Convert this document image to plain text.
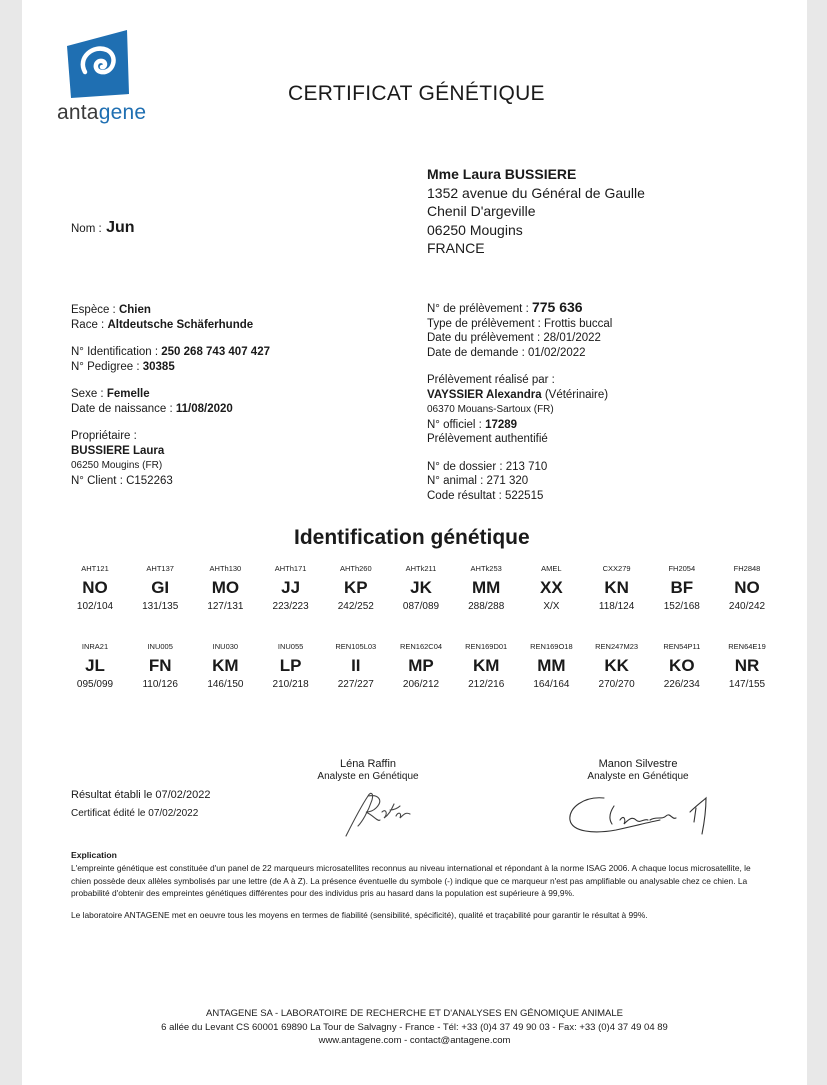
antagene
CERTIFICAT GÉNÉTIQUE
Nom : Jun
Mme Laura BUSSIERE
1352 avenue du Général de Gaulle
Chenil D'argeville
06250 Mougins
FRANCE
Espèce : Chien
Race : Altdeutsche Schäferhunde
N° Identification : 250 268 743 407 427
N° Pedigree : 30385
Sexe : Femelle
Date de naissance : 11/08/2020
Propriétaire :
BUSSIERE Laura
06250 Mougins (FR)
N° Client : C152263
N° de prélèvement : 775 636
Type de prélèvement : Frottis buccal
Date du prélèvement : 28/01/2022
Date de demande : 01/02/2022
Prélèvement réalisé par :
VAYSSIER Alexandra (Vétérinaire)
06370 Mouans-Sartoux (FR)
N° officiel : 17289
Prélèvement authentifié
N° de dossier : 213 710
N° animal : 271 320
Code résultat : 522515
Identification génétique
AHT121
NO
102/104
AHT137
GI
131/135
AHTh130
MO
127/131
AHTh171
JJ
223/223
AHTh260
KP
242/252
AHTk211
JK
087/089
AHTk253
MM
288/288
AMEL
XX
X/X
CXX279
KN
118/124
FH2054
BF
152/168
FH2848
NO
240/242
INRA21
JL
095/099
INU005
FN
110/126
INU030
KM
146/150
INU055
LP
210/218
REN105L03
II
227/227
REN162C04
MP
206/212
REN169D01
KM
212/216
REN169O18
MM
164/164
REN247M23
KK
270/270
REN54P11
KO
226/234
REN64E19
NR
147/155
Léna Raffin
Analyste en Génétique
Manon Silvestre
Analyste en Génétique
Résultat établi le 07/02/2022
Certificat édité le 07/02/2022
Explication
L'empreinte génétique est constituée d'un panel de 22 marqueurs microsatellites reconnus au niveau international et répondant à la norme ISAG 2006. A chaque locus microsatellite, le chien possède deux allèles symbolisés par une lettre (de A à Z). La présence éventuelle du symbole (-) indique que ce marqueur n'est pas amplifiable ou analysable chez ce chien. La probabilité d'obtenir des empreintes génétiques différentes pour des individus pris au hasard dans la population est supérieure à 99,9%.
Le laboratoire ANTAGENE met en oeuvre tous les moyens en termes de fiabilité (sensibilité, spécificité), qualité et traçabilité pour garantir le résultat à 99%.
ANTAGENE SA - LABORATOIRE DE RECHERCHE ET D'ANALYSES EN GÉNOMIQUE ANIMALE
6 allée du Levant CS 60001 69890 La Tour de Salvagny - France - Tél: +33 (0)4 37 49 90 03 - Fax: +33 (0)4 37 49 04 89
www.antagene.com - contact@antagene.com
